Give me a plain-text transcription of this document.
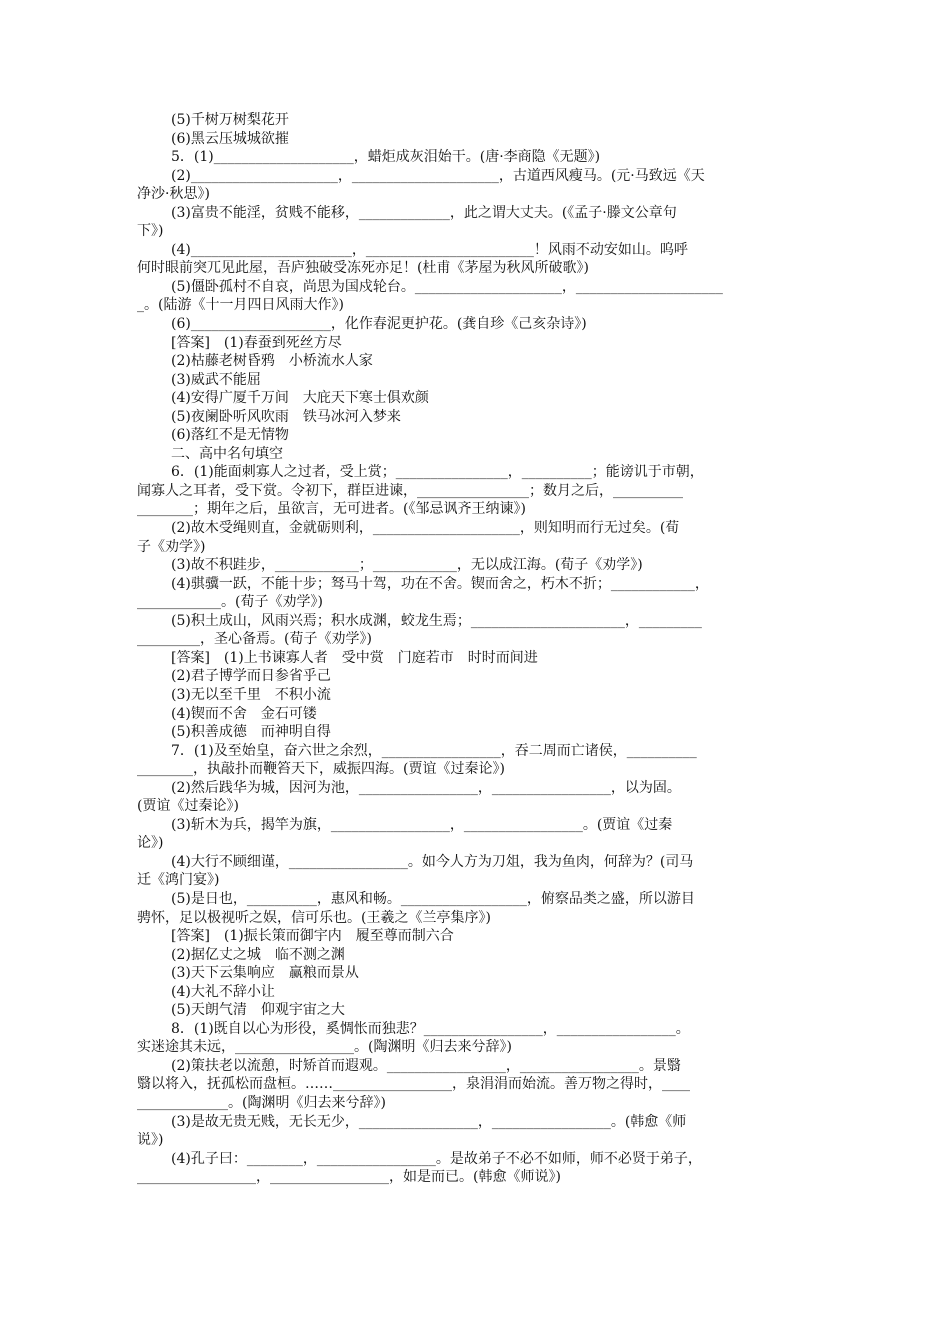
(5)千树万树梨花开

(6)黑云压城城欲摧

5．(1)____________________，蜡炬成灰泪始干。(唐·李商隐《无题》)

(2)_____________________，_____________________，古道西风瘦马。(元·马致远《天

净沙·秋思》)

(3)富贵不能淫，贫贱不能移，_____________，此之谓大丈夫。(《孟子·滕文公章句

下》)

(4)_______________________，________________________！风雨不动安如山。呜呼

何时眼前突兀见此屋，吾庐独破受冻死亦足！(杜甫《茅屋为秋风所破歌》)

(5)僵卧孤村不自哀，尚思为国戍轮台。_____________________，_____________________

_。(陆游《十一月四日风雨大作》)

(6)____________________，化作春泥更护花。(龚自珍《己亥杂诗》)

[答案]　(1)春蚕到死丝方尽

(2)枯藤老树昏鸦　小桥流水人家

(3)威武不能屈

(4)安得广厦千万间　大庇天下寒士俱欢颜

(5)夜阑卧听风吹雨　铁马冰河入梦来

(6)落红不是无情物

二、高中名句填空

6．(1)能面刺寡人之过者，受上赏；________________，__________；能谤讥于市朝，

闻寡人之耳者，受下赏。令初下，群臣进谏，________________；数月之后，__________

________；期年之后，虽欲言，无可进者。(《邹忌讽齐王纳谏》)

(2)故木受绳则直，金就砺则利，_____________________，则知明而行无过矣。(荀

子《劝学》)

(3)故不积跬步，____________；____________，无以成江海。(荀子《劝学》)

(4)骐骥一跃，不能十步；驽马十驾，功在不舍。锲而舍之，朽木不折；____________，

____________。(荀子《劝学》)

(5)积土成山，风雨兴焉；积水成渊，蛟龙生焉；______________________，_________

_________，圣心备焉。(荀子《劝学》)

[答案]　(1)上书谏寡人者　受中赏　门庭若市　时时而间进

(2)君子博学而日参省乎己

(3)无以至千里　不积小流

(4)锲而不舍　金石可镂

(5)积善成德　而神明自得

7．(1)及至始皇，奋六世之余烈，_________________，吞二周而亡诸侯，__________

________，执敲扑而鞭笞天下，威振四海。(贾谊《过秦论》)

(2)然后践华为城，因河为池，_________________，_________________，以为固。

(贾谊《过秦论》)

(3)斩木为兵，揭竿为旗，_________________，_________________。(贾谊《过秦

论》)

(4)大行不顾细谨，_________________。如今人方为刀俎，我为鱼肉，何辞为？(司马

迁《鸿门宴》)

(5)是日也，__________，惠风和畅。__________________，俯察品类之盛，所以游目

骋怀，足以极视听之娱，信可乐也。(王羲之《兰亭集序》)

[答案]　(1)振长策而御宇内　履至尊而制六合

(2)据亿丈之城　临不测之渊

(3)天下云集响应　赢粮而景从

(4)大礼不辞小让

(5)天朗气清　仰观宇宙之大

8．(1)既自以心为形役，奚惆怅而独悲？_________________，_________________。

实迷途其未远，_________________。(陶渊明《归去来兮辞》)

(2)策扶老以流憩，时矫首而遐观。_________________，_________________。景翳

翳以将入，抚孤松而盘桓。……_________________，泉涓涓而始流。善万物之得时，____

_____________。(陶渊明《归去来兮辞》)

(3)是故无贵无贱，无长无少，_________________，_________________。(韩愈《师

说》)

(4)孔子曰：________，_________________。是故弟子不必不如师，师不必贤于弟子，

_________________，_________________，如是而已。(韩愈《师说》)
